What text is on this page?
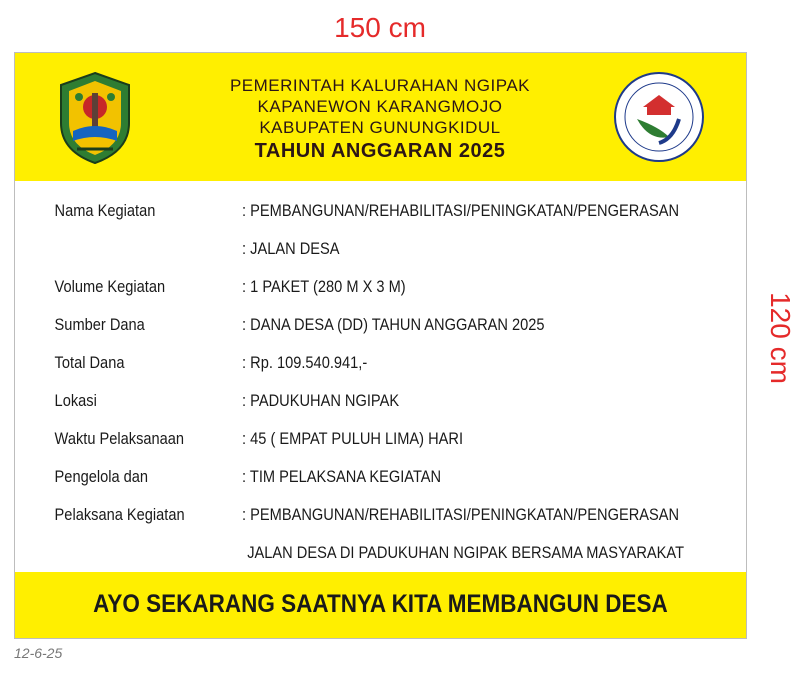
150 cm
120 cm
PEMERINTAH KALURAHAN NGIPAK
KAPANEWON KARANGMOJO
KABUPATEN GUNUNGKIDUL
TAHUN ANGGARAN 2025
Nama Kegiatan	: PEMBANGUNAN/REHABILITASI/PENINGKATAN/PENGERASAN
: JALAN DESA
Volume Kegiatan	: 1 PAKET (280 M X 3 M)
Sumber Dana	: DANA DESA (DD) TAHUN ANGGARAN 2025
Total Dana	: Rp. 109.540.941,-
Lokasi	: PADUKUHAN NGIPAK
Waktu Pelaksanaan	: 45 ( EMPAT PULUH LIMA) HARI
Pengelola dan	: TIM PELAKSANA KEGIATAN
Pelaksana Kegiatan	: PEMBANGUNAN/REHABILITASI/PENINGKATAN/PENGERASAN
JALAN DESA DI PADUKUHAN NGIPAK BERSAMA MASYARAKAT
AYO SEKARANG SAATNYA KITA MEMBANGUN DESA
12-6-25
